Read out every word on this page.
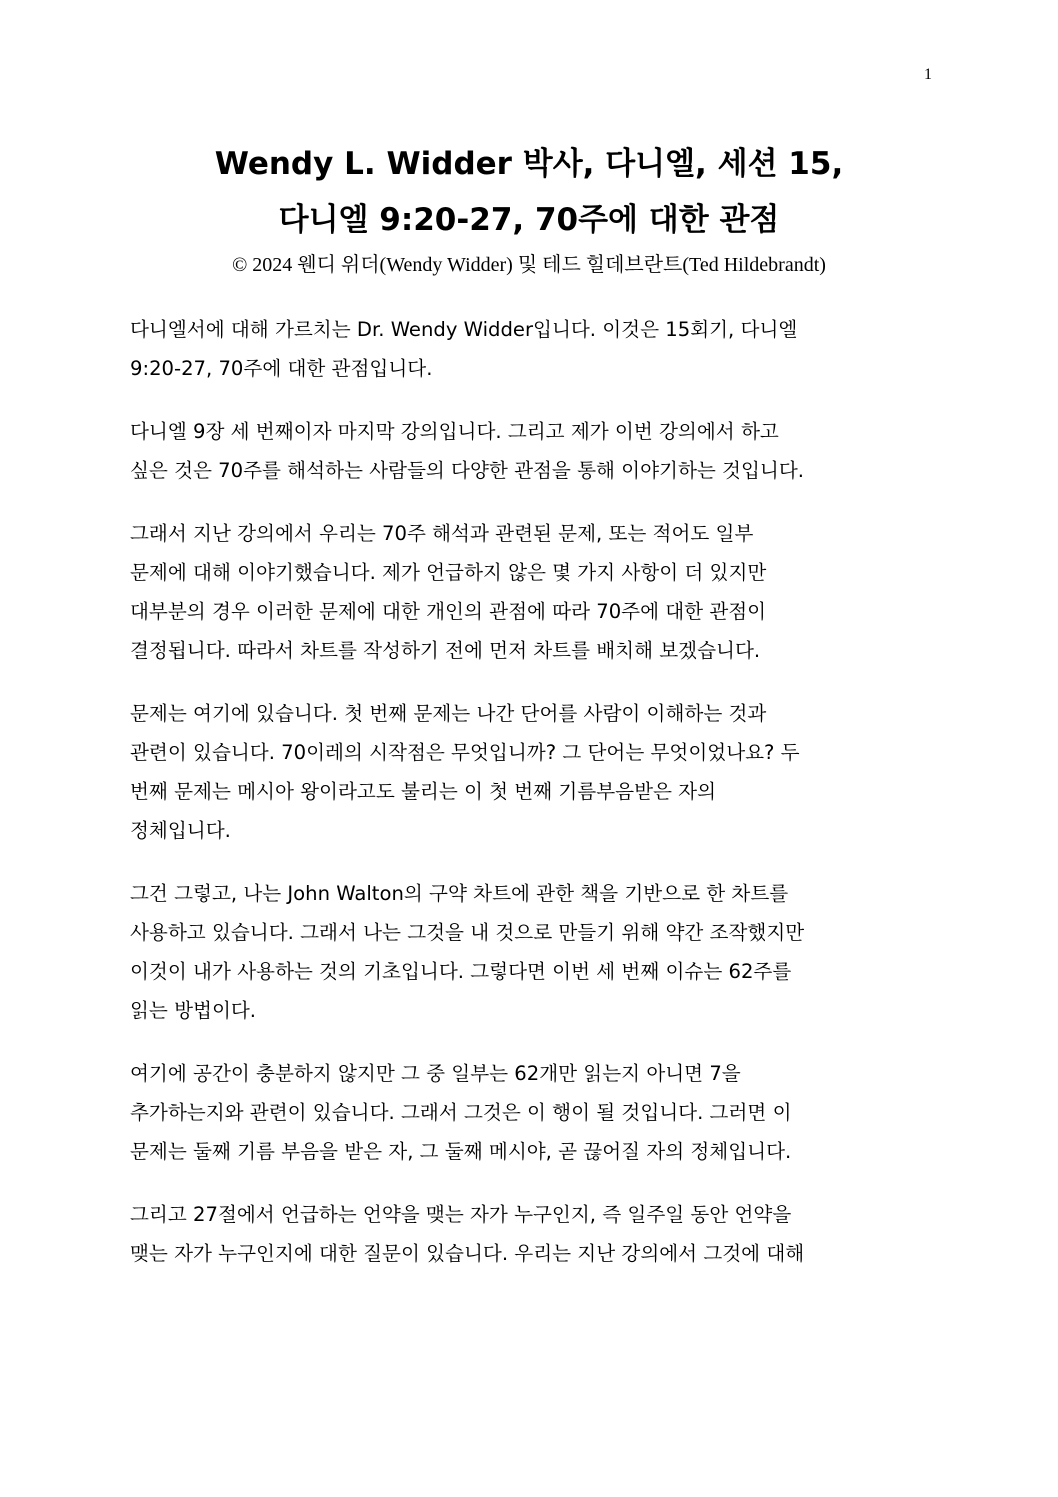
1

Wendy L. Widder 박사, 다니엘, 세션 15,

다니엘 9:20-27, 70주에 대한 관점

© 2024 웬디 위더(Wendy Widder) 및 테드 힐데브란트(Ted Hildebrandt)

다니엘서에 대해 가르치는 Dr. Wendy Widder입니다. 이것은 15회기, 다니엘
9:20-27, 70주에 대한 관점입니다.

다니엘 9장 세 번째이자 마지막 강의입니다. 그리고 제가 이번 강의에서 하고
싶은 것은 70주를 해석하는 사람들의 다양한 관점을 통해 이야기하는 것입니다.

그래서 지난 강의에서 우리는 70주 해석과 관련된 문제, 또는 적어도 일부
문제에 대해 이야기했습니다. 제가 언급하지 않은 몇 가지 사항이 더 있지만
대부분의 경우 이러한 문제에 대한 개인의 관점에 따라 70주에 대한 관점이
결정됩니다. 따라서 차트를 작성하기 전에 먼저 차트를 배치해 보겠습니다.

문제는 여기에 있습니다. 첫 번째 문제는 나간 단어를 사람이 이해하는 것과
관련이 있습니다. 70이레의 시작점은 무엇입니까? 그 단어는 무엇이었나요? 두
번째 문제는 메시아 왕이라고도 불리는 이 첫 번째 기름부음받은 자의
정체입니다.

그건 그렇고, 나는 John Walton의 구약 차트에 관한 책을 기반으로 한 차트를
사용하고 있습니다. 그래서 나는 그것을 내 것으로 만들기 위해 약간 조작했지만
이것이 내가 사용하는 것의 기초입니다. 그렇다면 이번 세 번째 이슈는 62주를
읽는 방법이다.

여기에 공간이 충분하지 않지만 그 중 일부는 62개만 읽는지 아니면 7을
추가하는지와 관련이 있습니다. 그래서 그것은 이 행이 될 것입니다. 그러면 이
문제는 둘째 기름 부음을 받은 자, 그 둘째 메시야, 곧 끊어질 자의 정체입니다.

그리고 27절에서 언급하는 언약을 맺는 자가 누구인지, 즉 일주일 동안 언약을
맺는 자가 누구인지에 대한 질문이 있습니다. 우리는 지난 강의에서 그것에 대해
